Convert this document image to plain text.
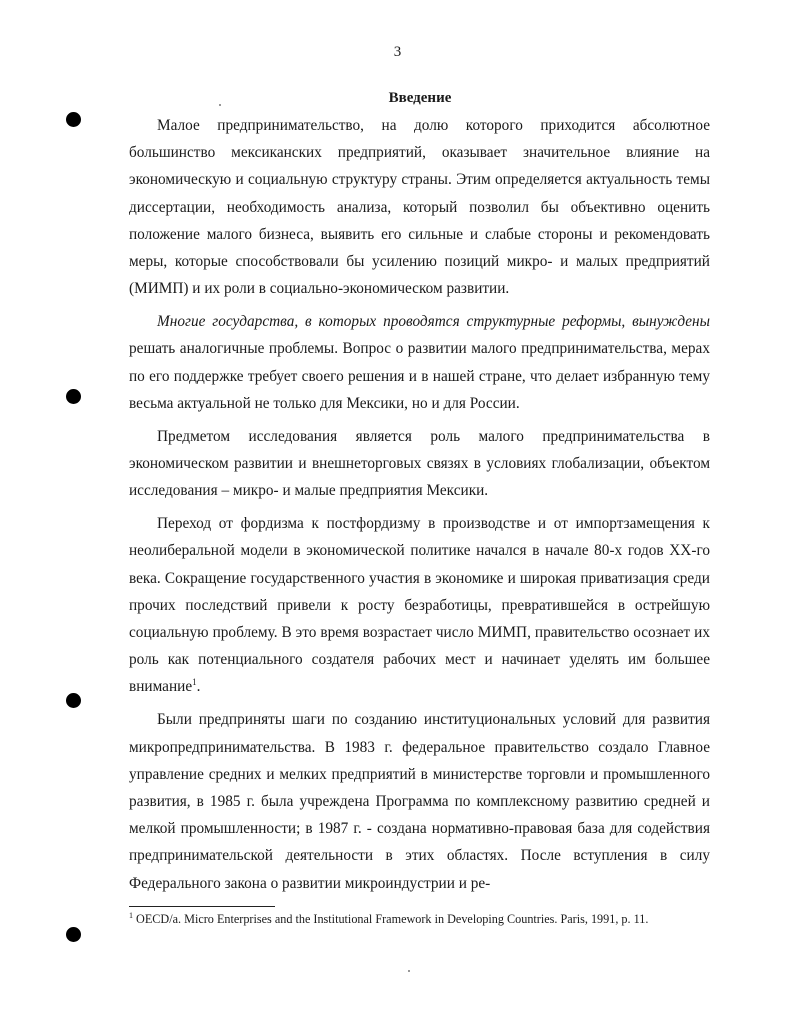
3
Введение

Малое предпринимательство, на долю которого приходится абсолютное большинство мексиканских предприятий, оказывает значительное влияние на экономическую и социальную структуру страны. Этим определяется актуальность темы диссертации, необходимость анализа, который позволил бы объективно оценить положение малого бизнеса, выявить его сильные и слабые стороны и рекомендовать меры, которые способствовали бы усилению позиций микро- и малых предприятий (МИМП) и их роли в социально-экономическом развитии.

Многие государства, в которых проводятся структурные реформы, вынуждены решать аналогичные проблемы. Вопрос о развитии малого предпринимательства, мерах по его поддержке требует своего решения и в нашей стране, что делает избранную тему весьма актуальной не только для Мексики, но и для России.

Предметом исследования является роль малого предпринимательства в экономическом развитии и внешнеторговых связях в условиях глобализации, объектом исследования – микро- и малые предприятия Мексики.

Переход от фордизма к постфордизму в производстве и от импортзамещения к неолиберальной модели в экономической политике начался в начале 80-х годов XX-го века. Сокращение государственного участия в экономике и широкая приватизация среди прочих последствий привели к росту безработицы, превратившейся в острейшую социальную проблему. В это время возрастает число МИМП, правительство осознает их роль как потенциального создателя рабочих мест и начинает уделять им большее внимание$^1$.

Были предприняты шаги по созданию институциональных условий для развития микропредпринимательства. В 1983 г. федеральное правительство создало Главное управление средних и мелких предприятий в министерстве торговли и промышленного развития, в 1985 г. была учреждена Программа по комплексному развитию средней и мелкой промышленности; в 1987 г. - создана нормативно-правовая база для содействия предпринимательской деятельности в этих областях. После вступления в силу Федерального закона о развитии микроиндустрии и ре-

$^1$ OECD/a. Micro Enterprises and the Institutional Framework in Developing Countries. Paris, 1991, p. 11.
